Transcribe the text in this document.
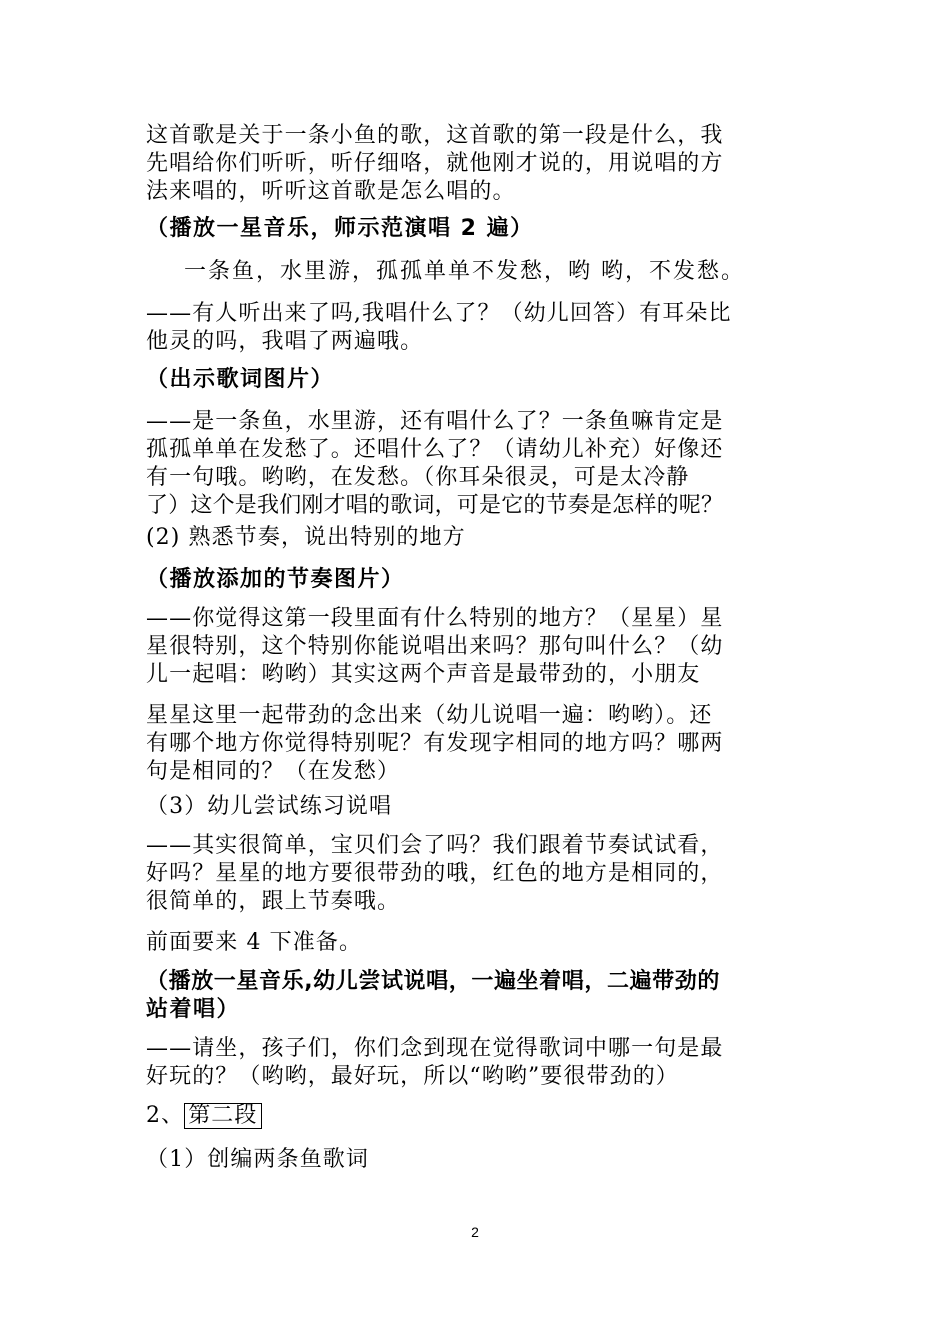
这首歌是关于一条小鱼的歌，这首歌的第一段是什么，我
先唱给你们听听，听仔细咯，就他刚才说的，用说唱的方
法来唱的，听听这首歌是怎么唱的。
（播放一星音乐，师示范演唱 2 遍）
一条鱼，水里游，孤孤单单不发愁，哟 哟，不发愁。
——有人听出来了吗,我唱什么了？（幼儿回答）有耳朵比
他灵的吗，我唱了两遍哦。
（出示歌词图片）
——是一条鱼，水里游，还有唱什么了？一条鱼嘛肯定是
孤孤单单在发愁了。还唱什么了？（请幼儿补充）好像还
有一句哦。哟哟，在发愁。（你耳朵很灵，可是太冷静
了）这个是我们刚才唱的歌词，可是它的节奏是怎样的呢？
(2) 熟悉节奏，说出特别的地方
（播放添加的节奏图片）
——你觉得这第一段里面有什么特别的地方？（星星）星
星很特别，这个特别你能说唱出来吗？那句叫什么？（幼
儿一起唱：哟哟）其实这两个声音是最带劲的，小朋友
星星这里一起带劲的念出来（幼儿说唱一遍：哟哟）。还
有哪个地方你觉得特别呢？有发现字相同的地方吗？哪两
句是相同的？（在发愁）
（3）幼儿尝试练习说唱
——其实很简单，宝贝们会了吗？我们跟着节奏试试看，
好吗？星星的地方要很带劲的哦，红色的地方是相同的，
很简单的，跟上节奏哦。
前面要来 4 下准备。
（播放一星音乐,幼儿尝试说唱，一遍坐着唱，二遍带劲的
站着唱）
——请坐，孩子们，你们念到现在觉得歌词中哪一句是最
好玩的？（哟哟，最好玩，所以“哟哟”要很带劲的）
2、 第二段
（1）创编两条鱼歌词
2
